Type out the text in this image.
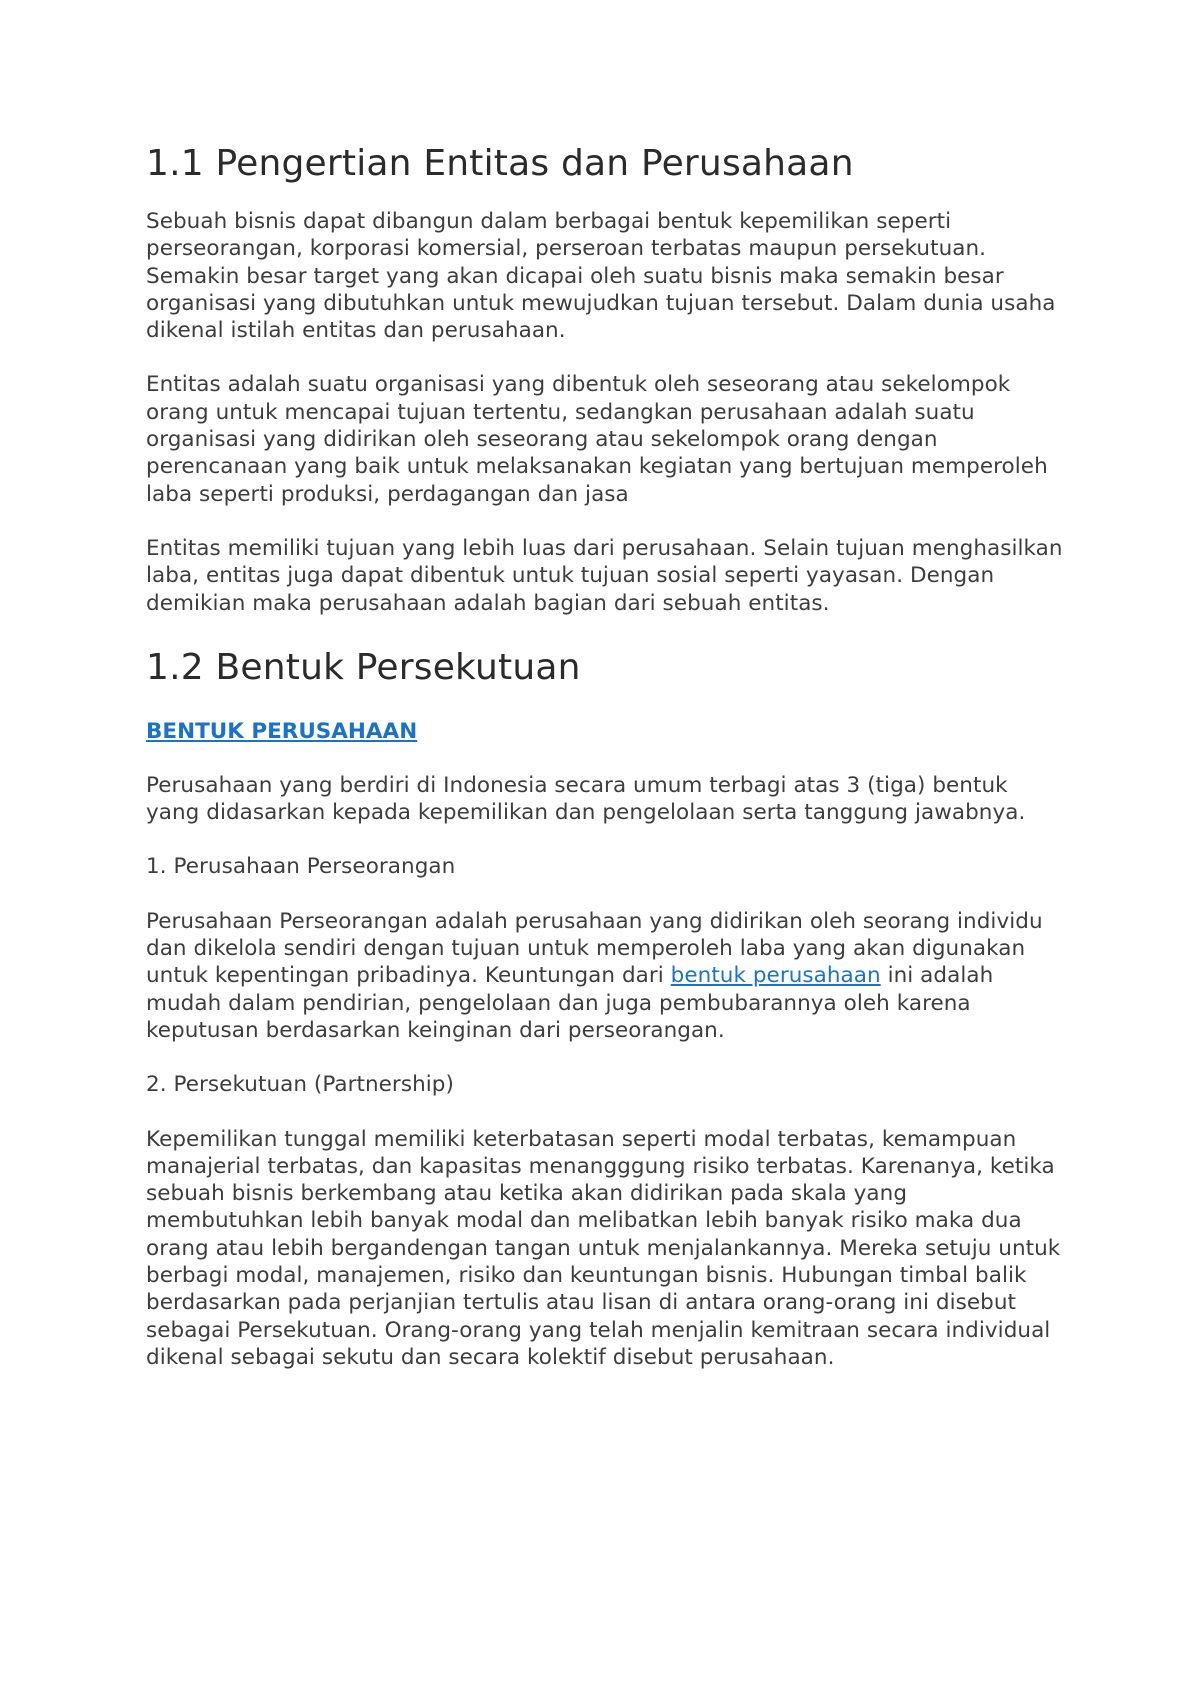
1.1 Pengertian Entitas dan Perusahaan

Sebuah bisnis dapat dibangun dalam berbagai bentuk kepemilikan seperti perseorangan, korporasi komersial, perseroan terbatas maupun persekutuan. Semakin besar target yang akan dicapai oleh suatu bisnis maka semakin besar organisasi yang dibutuhkan untuk mewujudkan tujuan tersebut. Dalam dunia usaha dikenal istilah entitas dan perusahaan.

Entitas adalah suatu organisasi yang dibentuk oleh seseorang atau sekelompok orang untuk mencapai tujuan tertentu, sedangkan perusahaan adalah suatu organisasi yang didirikan oleh seseorang atau sekelompok orang dengan perencanaan yang baik untuk melaksanakan kegiatan yang bertujuan memperoleh laba seperti produksi, perdagangan dan jasa

Entitas memiliki tujuan yang lebih luas dari perusahaan. Selain tujuan menghasilkan laba, entitas juga dapat dibentuk untuk tujuan sosial seperti yayasan. Dengan demikian maka perusahaan adalah bagian dari sebuah entitas.

1.2 Bentuk Persekutuan
BENTUK PERUSAHAAN

Perusahaan yang berdiri di Indonesia secara umum terbagi atas 3 (tiga) bentuk yang didasarkan kepada kepemilikan dan pengelolaan serta tanggung jawabnya.

1. Perusahaan Perseorangan

Perusahaan Perseorangan adalah perusahaan yang didirikan oleh seorang individu dan dikelola sendiri dengan tujuan untuk memperoleh laba yang akan digunakan untuk kepentingan pribadinya. Keuntungan dari bentuk perusahaan ini adalah mudah dalam pendirian, pengelolaan dan juga pembubarannya oleh karena keputusan berdasarkan keinginan dari perseorangan.

2. Persekutuan (Partnership)

Kepemilikan tunggal memiliki keterbatasan seperti modal terbatas, kemampuan manajerial terbatas, dan kapasitas menangggung risiko terbatas. Karenanya, ketika sebuah bisnis berkembang atau ketika akan didirikan pada skala yang membutuhkan lebih banyak modal dan melibatkan lebih banyak risiko maka dua orang atau lebih bergandengan tangan untuk menjalankannya. Mereka setuju untuk berbagi modal, manajemen, risiko dan keuntungan bisnis. Hubungan timbal balik berdasarkan pada perjanjian tertulis atau lisan di antara orang-orang ini disebut sebagai Persekutuan. Orang-orang yang telah menjalin kemitraan secara individual dikenal sebagai sekutu dan secara kolektif disebut perusahaan.
